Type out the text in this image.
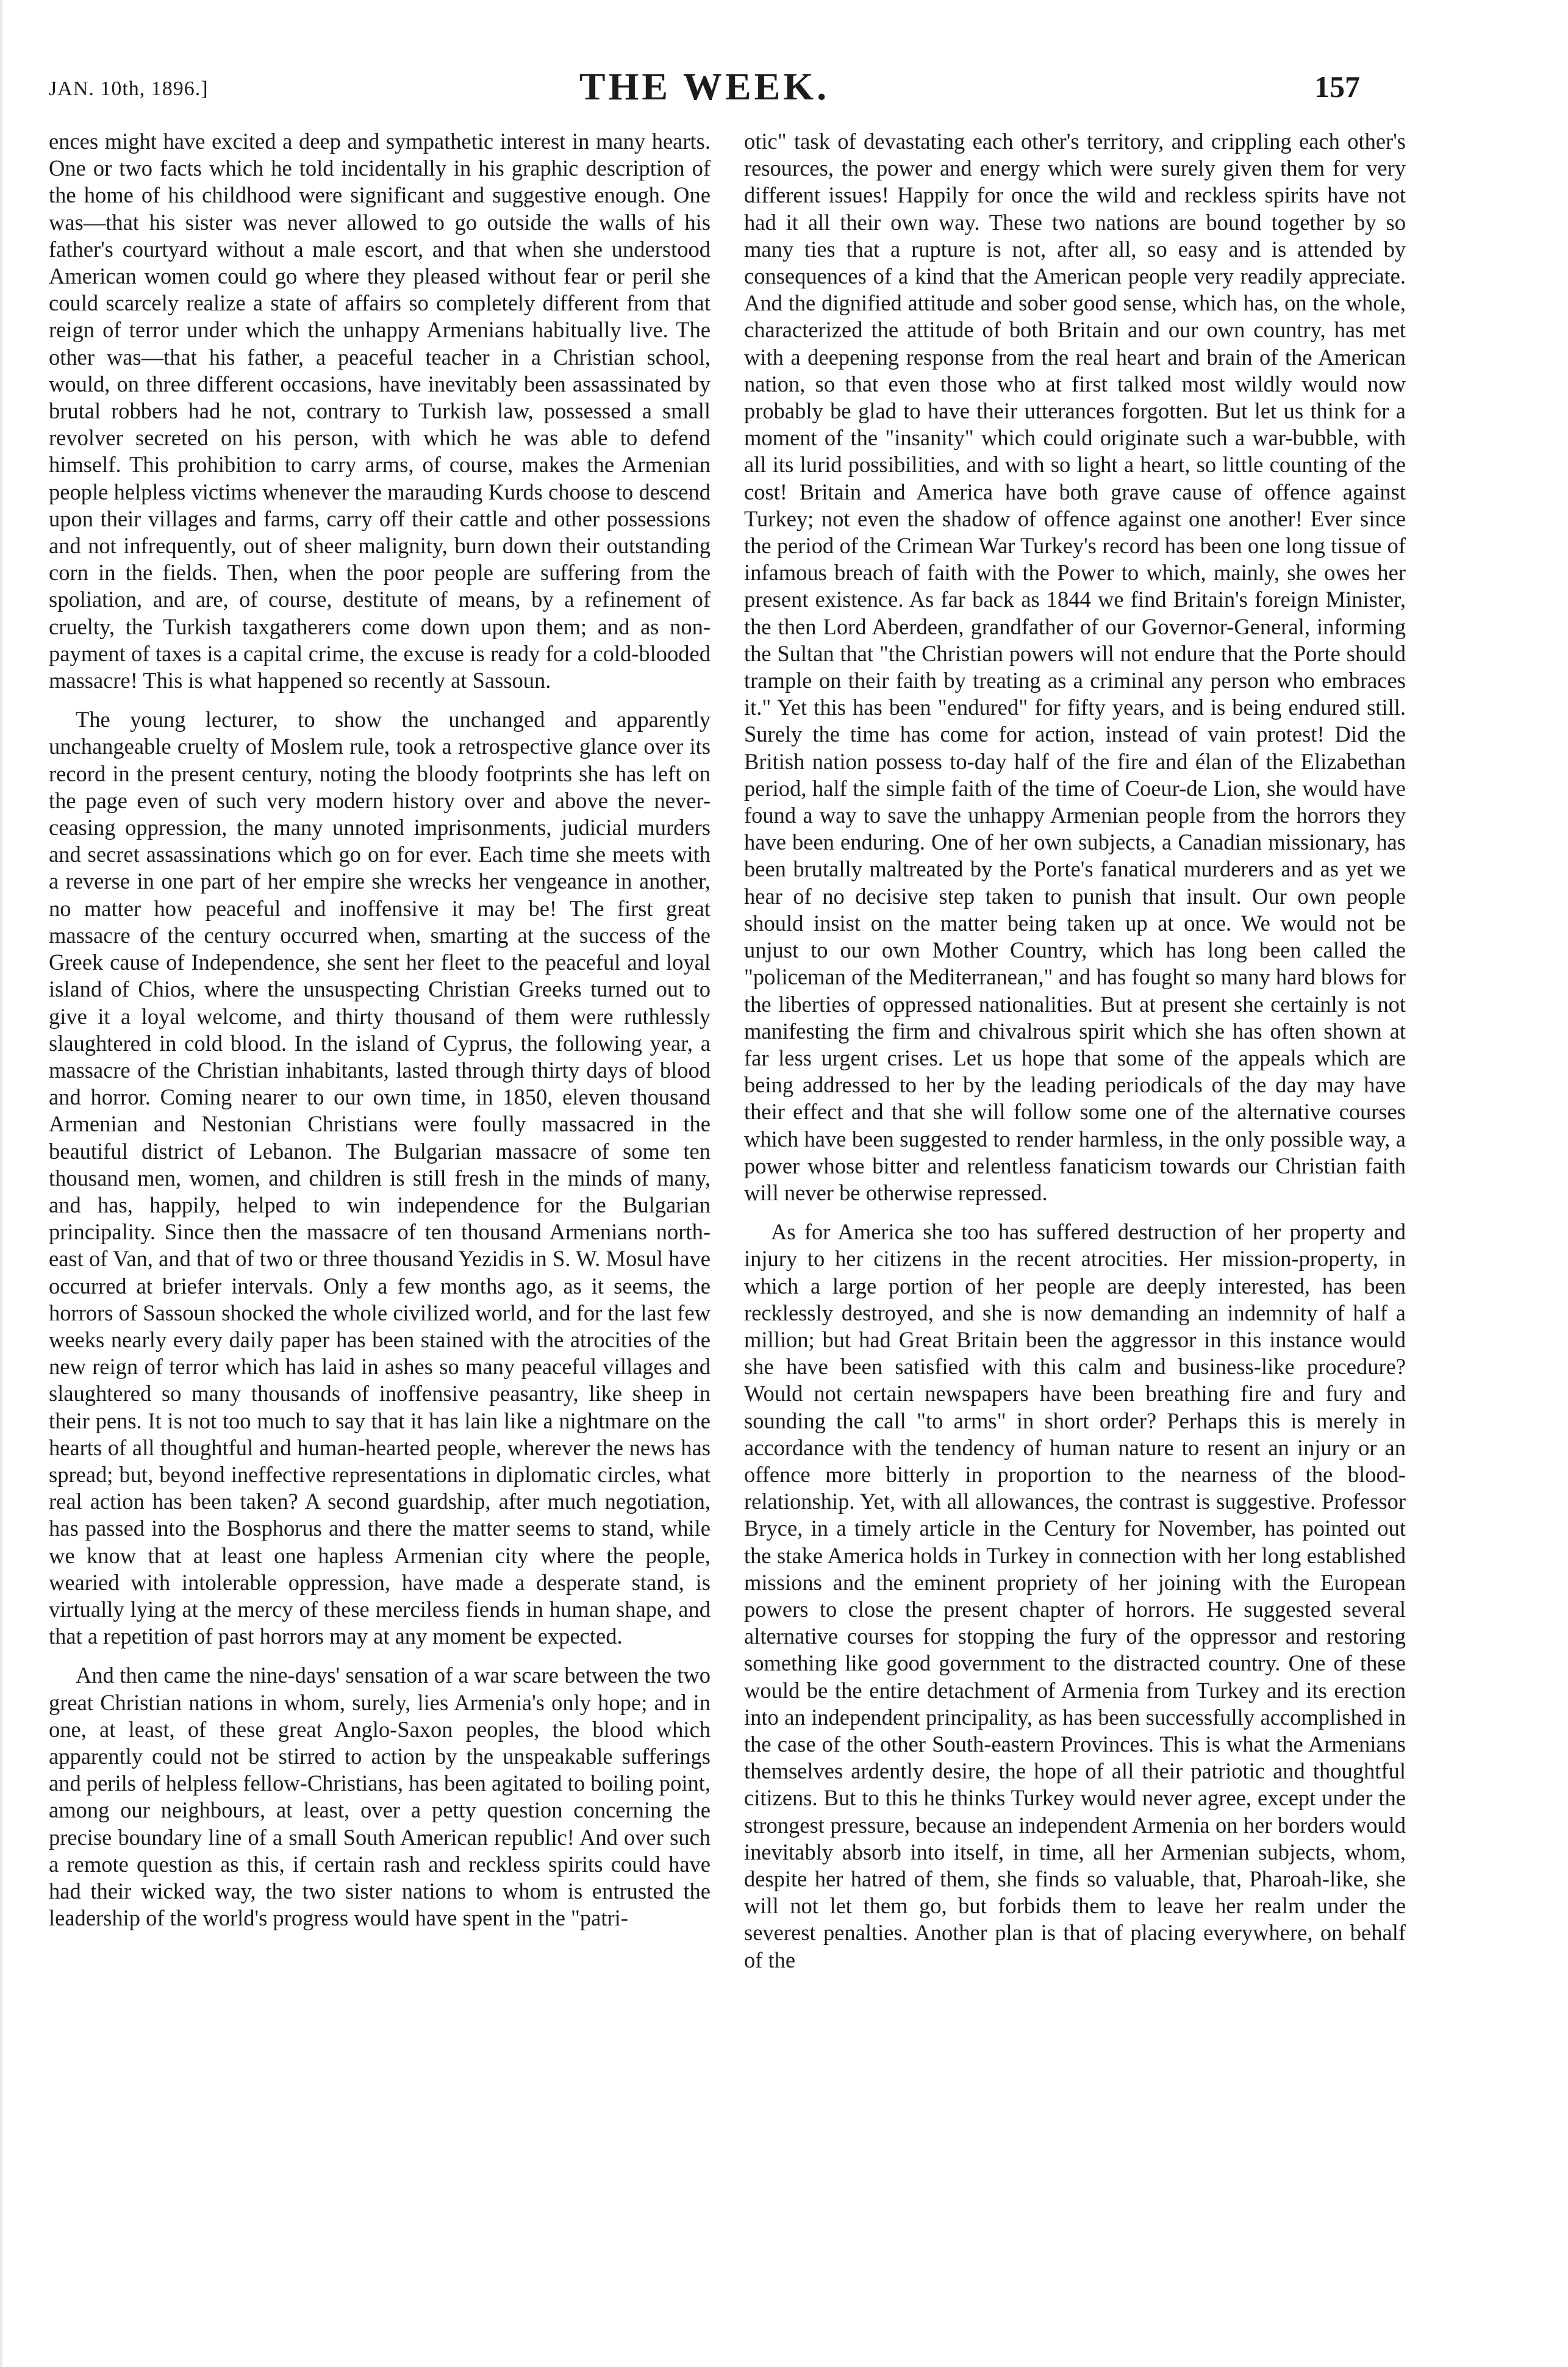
JAN. 10th, 1896.]	THE WEEK.	157

ences might have excited a deep and sympathetic interest in many hearts. One or two facts which he told incidentally in his graphic description of the home of his childhood were significant and suggestive enough. One was—that his sister was never allowed to go outside the walls of his father's courtyard without a male escort, and that when she understood American women could go where they pleased without fear or peril she could scarcely realize a state of affairs so completely different from that reign of terror under which the unhappy Armenians habitually live. The other was—that his father, a peaceful teacher in a Christian school, would, on three different occasions, have inevitably been assassinated by brutal robbers had he not, contrary to Turkish law, possessed a small revolver secreted on his person, with which he was able to defend himself. This prohibition to carry arms, of course, makes the Armenian people helpless victims whenever the marauding Kurds choose to descend upon their villages and farms, carry off their cattle and other possessions and not infrequently, out of sheer malignity, burn down their outstanding corn in the fields. Then, when the poor people are suffering from the spoliation, and are, of course, destitute of means, by a refinement of cruelty, the Turkish taxgatherers come down upon them; and as non-payment of taxes is a capital crime, the excuse is ready for a cold-blooded massacre! This is what happened so recently at Sassoun.

The young lecturer, to show the unchanged and apparently unchangeable cruelty of Moslem rule, took a retrospective glance over its record in the present century, noting the bloody footprints she has left on the page even of such very modern history over and above the never-ceasing oppression, the many unnoted imprisonments, judicial murders and secret assassinations which go on for ever. Each time she meets with a reverse in one part of her empire she wrecks her vengeance in another, no matter how peaceful and inoffensive it may be! The first great massacre of the century occurred when, smarting at the success of the Greek cause of Independence, she sent her fleet to the peaceful and loyal island of Chios, where the unsuspecting Christian Greeks turned out to give it a loyal welcome, and thirty thousand of them were ruthlessly slaughtered in cold blood. In the island of Cyprus, the following year, a massacre of the Christian inhabitants, lasted through thirty days of blood and horror. Coming nearer to our own time, in 1850, eleven thousand Armenian and Nestonian Christians were foully massacred in the beautiful district of Lebanon. The Bulgarian massacre of some ten thousand men, women, and children is still fresh in the minds of many, and has, happily, helped to win independence for the Bulgarian principality. Since then the massacre of ten thousand Armenians north-east of Van, and that of two or three thousand Yezidis in S. W. Mosul have occurred at briefer intervals. Only a few months ago, as it seems, the horrors of Sassoun shocked the whole civilized world, and for the last few weeks nearly every daily paper has been stained with the atrocities of the new reign of terror which has laid in ashes so many peaceful villages and slaughtered so many thousands of inoffensive peasantry, like sheep in their pens. It is not too much to say that it has lain like a nightmare on the hearts of all thoughtful and human-hearted people, wherever the news has spread; but, beyond ineffective representations in diplomatic circles, what real action has been taken? A second guardship, after much negotiation, has passed into the Bosphorus and there the matter seems to stand, while we know that at least one hapless Armenian city where the people, wearied with intolerable oppression, have made a desperate stand, is virtually lying at the mercy of these merciless fiends in human shape, and that a repetition of past horrors may at any moment be expected.

And then came the nine-days' sensation of a war scare between the two great Christian nations in whom, surely, lies Armenia's only hope; and in one, at least, of these great Anglo-Saxon peoples, the blood which apparently could not be stirred to action by the unspeakable sufferings and perils of helpless fellow-Christians, has been agitated to boiling point, among our neighbours, at least, over a petty question concerning the precise boundary line of a small South American republic! And over such a remote question as this, if certain rash and reckless spirits could have had their wicked way, the two sister nations to whom is entrusted the leadership of the world's progress would have spent in the "patri-

otic" task of devastating each other's territory, and crippling each other's resources, the power and energy which were surely given them for very different issues! Happily for once the wild and reckless spirits have not had it all their own way. These two nations are bound together by so many ties that a rupture is not, after all, so easy and is attended by consequences of a kind that the American people very readily appreciate. And the dignified attitude and sober good sense, which has, on the whole, characterized the attitude of both Britain and our own country, has met with a deepening response from the real heart and brain of the American nation, so that even those who at first talked most wildly would now probably be glad to have their utterances forgotten. But let us think for a moment of the "insanity" which could originate such a war-bubble, with all its lurid possibilities, and with so light a heart, so little counting of the cost! Britain and America have both grave cause of offence against Turkey; not even the shadow of offence against one another! Ever since the period of the Crimean War Turkey's record has been one long tissue of infamous breach of faith with the Power to which, mainly, she owes her present existence. As far back as 1844 we find Britain's foreign Minister, the then Lord Aberdeen, grandfather of our Governor-General, informing the Sultan that "the Christian powers will not endure that the Porte should trample on their faith by treating as a criminal any person who embraces it." Yet this has been "endured" for fifty years, and is being endured still. Surely the time has come for action, instead of vain protest! Did the British nation possess to-day half of the fire and élan of the Elizabethan period, half the simple faith of the time of Coeur-de Lion, she would have found a way to save the unhappy Armenian people from the horrors they have been enduring. One of her own subjects, a Canadian missionary, has been brutally maltreated by the Porte's fanatical murderers and as yet we hear of no decisive step taken to punish that insult. Our own people should insist on the matter being taken up at once. We would not be unjust to our own Mother Country, which has long been called the "policeman of the Mediterranean," and has fought so many hard blows for the liberties of oppressed nationalities. But at present she certainly is not manifesting the firm and chivalrous spirit which she has often shown at far less urgent crises. Let us hope that some of the appeals which are being addressed to her by the leading periodicals of the day may have their effect and that she will follow some one of the alternative courses which have been suggested to render harmless, in the only possible way, a power whose bitter and relentless fanaticism towards our Christian faith will never be otherwise repressed.

As for America she too has suffered destruction of her property and injury to her citizens in the recent atrocities. Her mission-property, in which a large portion of her people are deeply interested, has been recklessly destroyed, and she is now demanding an indemnity of half a million; but had Great Britain been the aggressor in this instance would she have been satisfied with this calm and business-like procedure? Would not certain newspapers have been breathing fire and fury and sounding the call "to arms" in short order? Perhaps this is merely in accordance with the tendency of human nature to resent an injury or an offence more bitterly in proportion to the nearness of the blood-relationship. Yet, with all allowances, the contrast is suggestive. Professor Bryce, in a timely article in the Century for November, has pointed out the stake America holds in Turkey in connection with her long established missions and the eminent propriety of her joining with the European powers to close the present chapter of horrors. He suggested several alternative courses for stopping the fury of the oppressor and restoring something like good government to the distracted country. One of these would be the entire detachment of Armenia from Turkey and its erection into an independent principality, as has been successfully accomplished in the case of the other South-eastern Provinces. This is what the Armenians themselves ardently desire, the hope of all their patriotic and thoughtful citizens. But to this he thinks Turkey would never agree, except under the strongest pressure, because an independent Armenia on her borders would inevitably absorb into itself, in time, all her Armenian subjects, whom, despite her hatred of them, she finds so valuable, that, Pharoah-like, she will not let them go, but forbids them to leave her realm under the severest penalties. Another plan is that of placing everywhere, on behalf of the
